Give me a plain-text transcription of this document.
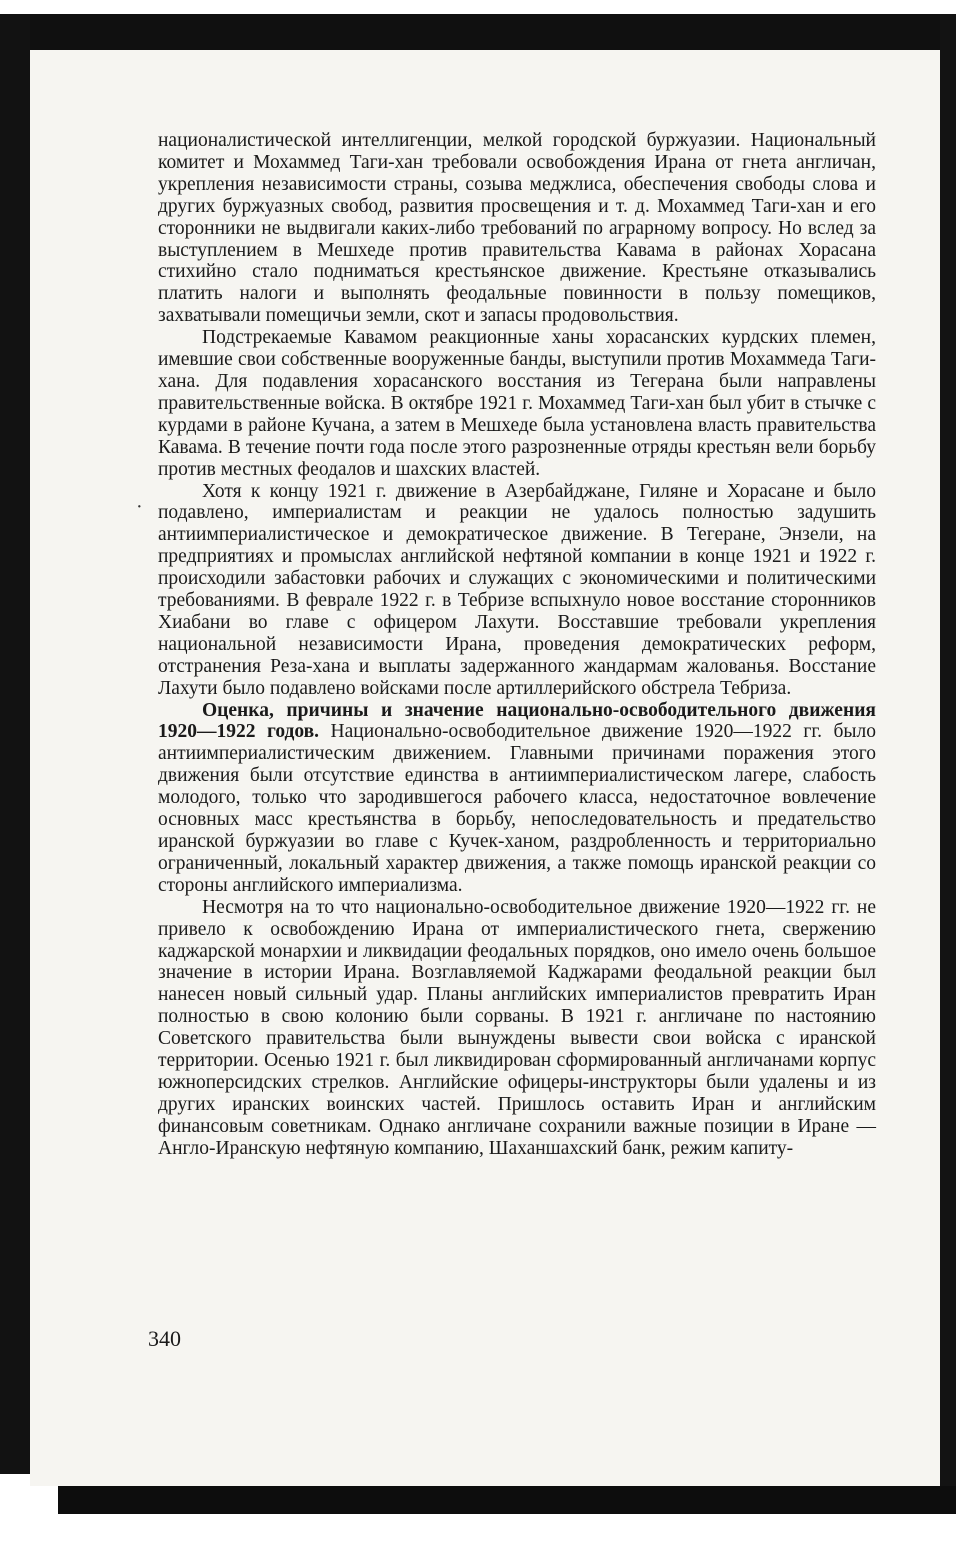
·

националистической интеллигенции, мелкой городской буржуазии. Национальный комитет и Мохаммед Таги-хан требовали освобождения Ирана от гнета англичан, укрепления независимости страны, созыва меджлиса, обеспечения свободы слова и других буржуазных свобод, развития просвещения и т. д. Мохаммед Таги-хан и его сторонники не выдвигали каких-либо требований по аграрному вопросу. Но вслед за выступлением в Мешхеде против правительства Кавама в районах Хорасана стихийно стало подниматься крестьянское движение. Крестьяне отказывались платить налоги и выполнять феодальные повинности в пользу помещиков, захватывали помещичьи земли, скот и запасы продовольствия.

Подстрекаемые Кавамом реакционные ханы хорасанских курдских племен, имевшие свои собственные вооруженные банды, выступили против Мохаммеда Таги-хана. Для подавления хорасанского восстания из Тегерана были направлены правительственные войска. В октябре 1921 г. Мохаммед Таги-хан был убит в стычке с курдами в районе Кучана, а затем в Мешхеде была установлена власть правительства Кавама. В течение почти года после этого разрозненные отряды крестьян вели борьбу против местных феодалов и шахских властей.

Хотя к концу 1921 г. движение в Азербайджане, Гиляне и Хорасане и было подавлено, империалистам и реакции не удалось полностью задушить антиимпериалистическое и демократическое движение. В Тегеране, Энзели, на предприятиях и промыслах английской нефтяной компании в конце 1921 и 1922 г. происходили забастовки рабочих и служащих с экономическими и политическими требованиями. В феврале 1922 г. в Тебризе вспыхнуло новое восстание сторонников Хиабани во главе с офицером Лахути. Восставшие требовали укрепления национальной независимости Ирана, проведения демократических реформ, отстранения Реза-хана и выплаты задержанного жандармам жалованья. Восстание Лахути было подавлено войсками после артиллерийского обстрела Тебриза.

Оценка, причины и значение национально-освободительного движения 1920—1922 годов. Национально-освободительное движение 1920—1922 гг. было антиимпериалистическим движением. Главными причинами поражения этого движения были отсутствие единства в антиимпериалистическом лагере, слабость молодого, только что зародившегося рабочего класса, недостаточное вовлечение основных масс крестьянства в борьбу, непоследовательность и предательство иранской буржуазии во главе с Кучек-ханом, раздробленность и территориально ограниченный, локальный характер движения, а также помощь иранской реакции со стороны английского империализма.

Несмотря на то что национально-освободительное движение 1920—1922 гг. не привело к освобождению Ирана от империалистического гнета, свержению каджарской монархии и ликвидации феодальных порядков, оно имело очень большое значение в истории Ирана. Возглавляемой Каджарами феодальной реакции был нанесен новый сильный удар. Планы английских империалистов превратить Иран полностью в свою колонию были сорваны. В 1921 г. англичане по настоянию Советского правительства были вынуждены вывести свои войска с иранской территории. Осенью 1921 г. был ликвидирован сформированный англичанами корпус южноперсидских стрелков. Английские офицеры-инструкторы были удалены и из других иранских воинских частей. Пришлось оставить Иран и английским финансовым советникам. Однако англичане сохранили важные позиции в Иране — Англо-Иранскую нефтяную компанию, Шаханшахский банк, режим капиту-

340
